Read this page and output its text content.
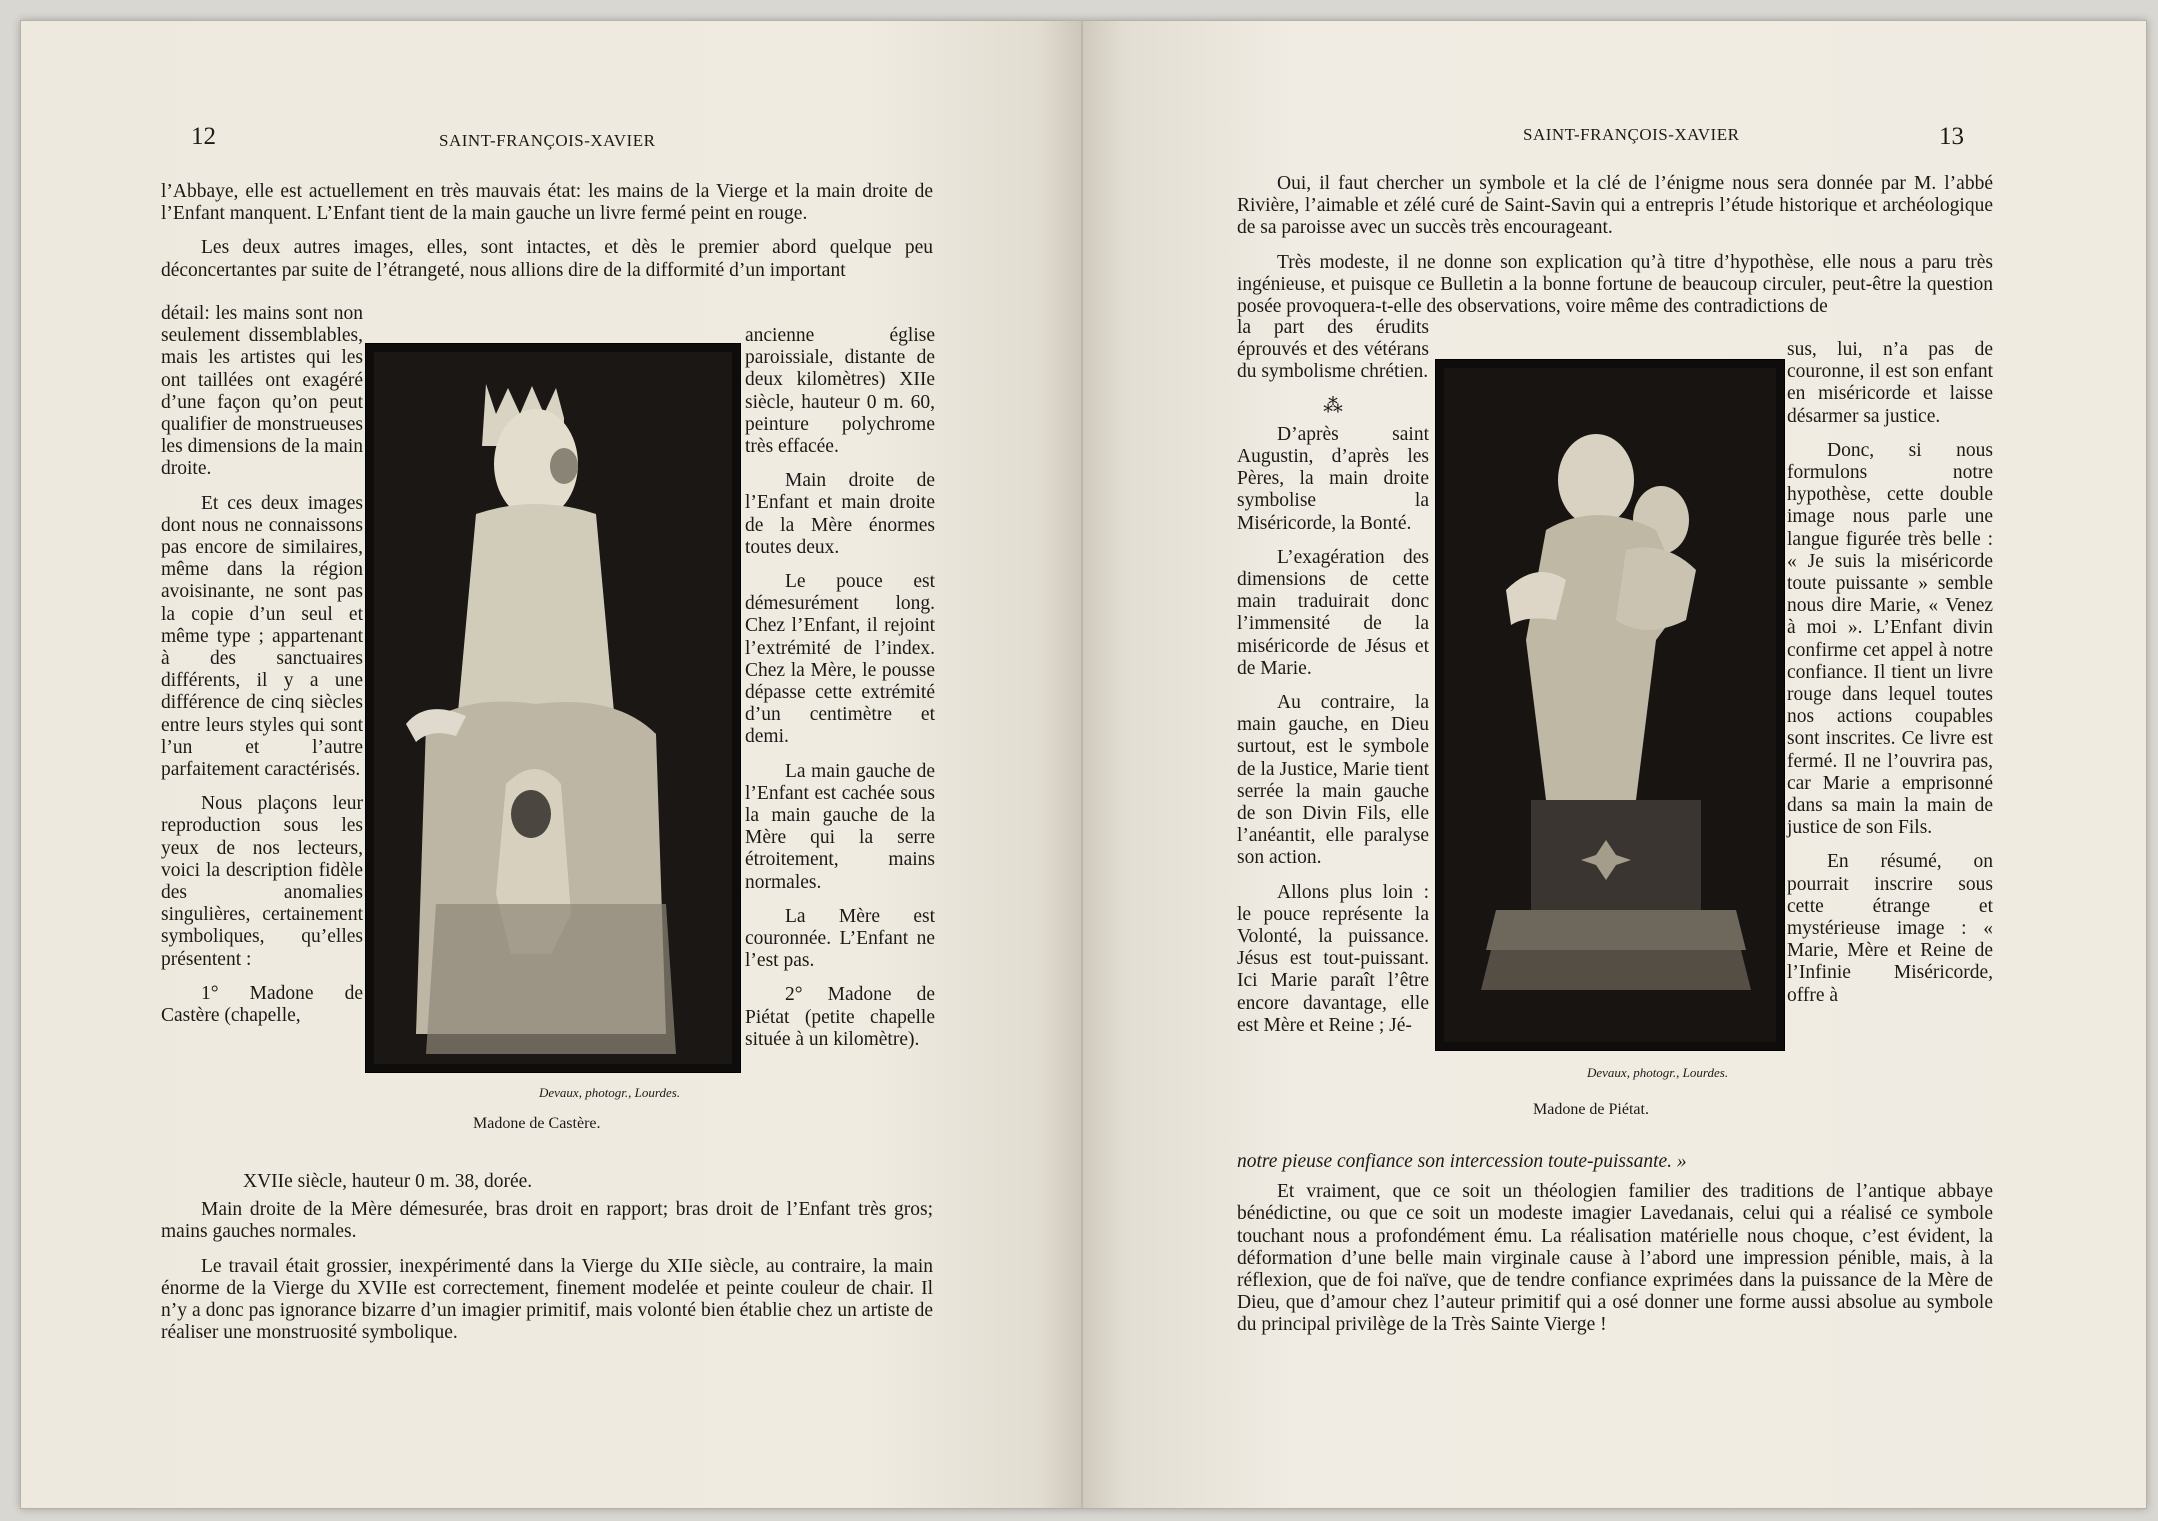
12	SAINT-FRANÇOIS-XAVIER

l’Abbaye, elle est actuellement en très mauvais état: les mains de la Vierge et la main droite de l’Enfant manquent. L’Enfant tient de la main gauche un livre fermé peint en rouge.

Les deux autres images, elles, sont intactes, et dès le premier abord quelque peu déconcertantes par suite de l’étrangeté, nous allions dire de la difformité d’un important

détail: les mains sont non seulement dissemblables, mais les artistes qui les ont taillées ont exagéré d’une façon qu’on peut qualifier de monstrueuses les dimensions de la main droite.

Et ces deux images dont nous ne connaissons pas encore de similaires, même dans la région avoisinante, ne sont pas la copie d’un seul et même type ; appartenant à des sanctuaires différents, il y a une différence de cinq siècles entre leurs styles qui sont l’un et l’autre parfaitement caractérisés.

Nous plaçons leur reproduction sous les yeux de nos lecteurs, voici la description fidèle des anomalies singulières, certainement symboliques, qu’elles présentent :

1° Madone de Castère (chapelle,

Devaux, photogr., Lourdes.
Madone de Castère.

ancienne église paroissiale, distante de deux kilomètres) XIIe siècle, hauteur 0 m. 60, peinture polychrome très effacée.

Main droite de l’Enfant et main droite de la Mère énormes toutes deux.

Le pouce est démesurément long. Chez l’Enfant, il rejoint l’extrémité de l’index. Chez la Mère, le pousse dépasse cette extrémité d’un centimètre et demi.

La main gauche de l’Enfant est cachée sous la main gauche de la Mère qui la serre étroitement, mains normales.

La Mère est couronnée. L’Enfant ne l’est pas.

2° Madone de Piétat (petite chapelle située à un kilomètre).

XVIIe siècle, hauteur 0 m. 38, dorée.

Main droite de la Mère démesurée, bras droit en rapport; bras droit de l’Enfant très gros; mains gauches normales.

Le travail était grossier, inexpérimenté dans la Vierge du XIIe siècle, au contraire, la main énorme de la Vierge du XVIIe est correctement, finement modelée et peinte couleur de chair. Il n’y a donc pas ignorance bizarre d’un imagier primitif, mais volonté bien établie chez un artiste de réaliser une monstruosité symbolique.

SAINT-FRANÇOIS-XAVIER	13

Oui, il faut chercher un symbole et la clé de l’énigme nous sera donnée par M. l’abbé Rivière, l’aimable et zélé curé de Saint-Savin qui a entrepris l’étude historique et archéologique de sa paroisse avec un succès très encourageant.

Très modeste, il ne donne son explication qu’à titre d’hypothèse, elle nous a paru très ingénieuse, et puisque ce Bulletin a la bonne fortune de beaucoup circuler, peut-être la question posée provoquera-t-elle des observations, voire même des contradictions de

la part des érudits éprouvés et des vétérans du symbolisme chrétien.

⁂

D’après saint Augustin, d’après les Pères, la main droite symbolise la Miséricorde, la Bonté.

L’exagération des dimensions de cette main traduirait donc l’immensité de la miséricorde de Jésus et de Marie.

Au contraire, la main gauche, en Dieu surtout, est le symbole de la Justice, Marie tient serrée la main gauche de son Divin Fils, elle l’anéantit, elle paralyse son action.

Allons plus loin : le pouce représente la Volonté, la puissance. Jésus est tout-puissant. Ici Marie paraît l’être encore davantage, elle est Mère et Reine ; Jé-

Devaux, photogr., Lourdes.
Madone de Piétat.

sus, lui, n’a pas de couronne, il est son enfant en miséricorde et laisse désarmer sa justice.

Donc, si nous formulons notre hypothèse, cette double image nous parle une langue figurée très belle : « Je suis la miséricorde toute puissante » semble nous dire Marie, « Venez à moi ». L’Enfant divin confirme cet appel à notre confiance. Il tient un livre rouge dans lequel toutes nos actions coupables sont inscrites. Ce livre est fermé. Il ne l’ouvrira pas, car Marie a emprisonné dans sa main la main de justice de son Fils.

En résumé, on pourrait inscrire sous cette étrange et mystérieuse image : « Marie, Mère et Reine de l’Infinie Miséricorde, offre à

notre pieuse confiance son intercession toute-puissante. »

Et vraiment, que ce soit un théologien familier des traditions de l’antique abbaye bénédictine, ou que ce soit un modeste imagier Lavedanais, celui qui a réalisé ce symbole touchant nous a profondément ému. La réalisation matérielle nous choque, c’est évident, la déformation d’une belle main virginale cause à l’abord une impression pénible, mais, à la réflexion, que de foi naïve, que de tendre confiance exprimées dans la puissance de la Mère de Dieu, que d’amour chez l’auteur primitif qui a osé donner une forme aussi absolue au symbole du principal privilège de la Très Sainte Vierge !
